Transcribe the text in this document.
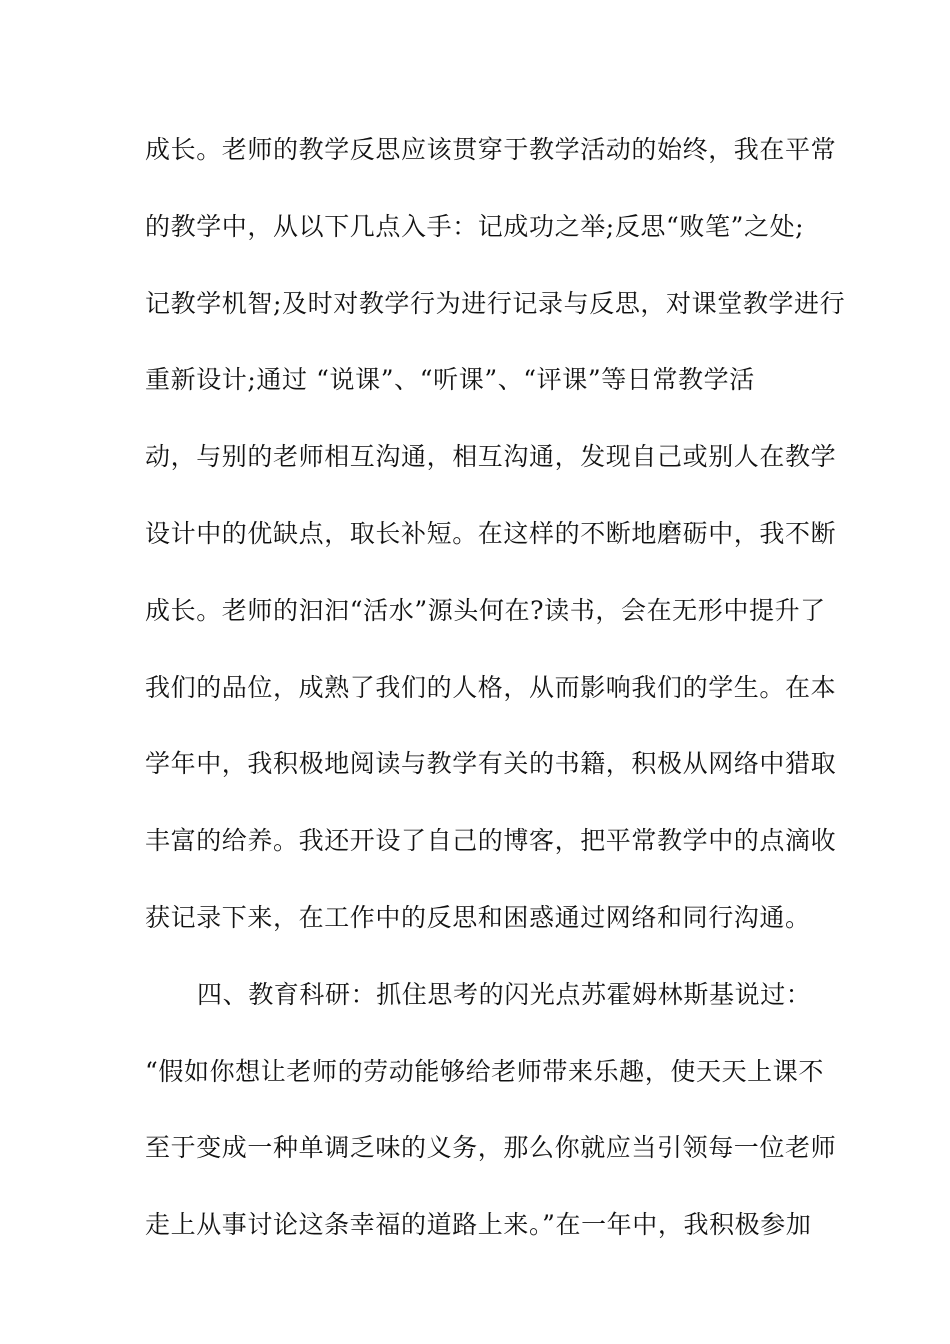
成长。老师的教学反思应该贯穿于教学活动的始终，我在平常
的教学中，从以下几点入手：记成功之举;反思“败笔”之处;
记教学机智;及时对教学行为进行记录与反思，对课堂教学进行
重新设计;通过 “说课”、“听课”、“评课”等日常教学活
动，与别的老师相互沟通，相互沟通，发现自己或别人在教学
设计中的优缺点，取长补短。在这样的不断地磨砺中，我不断
成长。老师的汩汩“活水”源头何在?读书，会在无形中提升了
我们的品位，成熟了我们的人格，从而影响我们的学生。在本
学年中，我积极地阅读与教学有关的书籍，积极从网络中猎取
丰富的给养。我还开设了自己的博客，把平常教学中的点滴收
获记录下来，在工作中的反思和困惑通过网络和同行沟通。
四、教育科研：抓住思考的闪光点苏霍姆林斯基说过：
“假如你想让老师的劳动能够给老师带来乐趣，使天天上课不
至于变成一种单调乏味的义务，那么你就应当引领每一位老师
走上从事讨论这条幸福的道路上来。”在一年中，我积极参加
